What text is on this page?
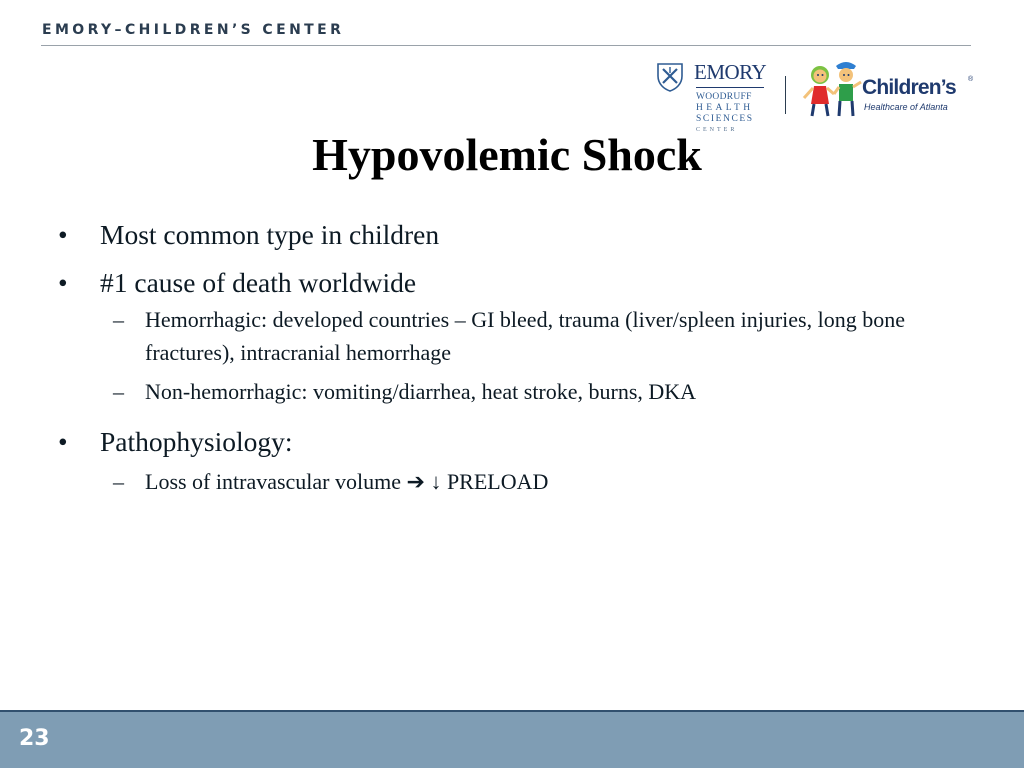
EMORY–CHILDREN’S CENTER
EMORY
WOODRUFF
HEALTH
SCIENCES
CENTER
Children’s ®
Healthcare of Atlanta
Hypovolemic Shock
• Most common type in children
• #1 cause of death worldwide
– Hemorrhagic: developed countries – GI bleed, trauma (liver/spleen injuries, long bone fractures), intracranial hemorrhage
– Non-hemorrhagic: vomiting/diarrhea, heat stroke, burns, DKA
• Pathophysiology:
– Loss of intravascular volume ➔ ↓ PRELOAD
23
